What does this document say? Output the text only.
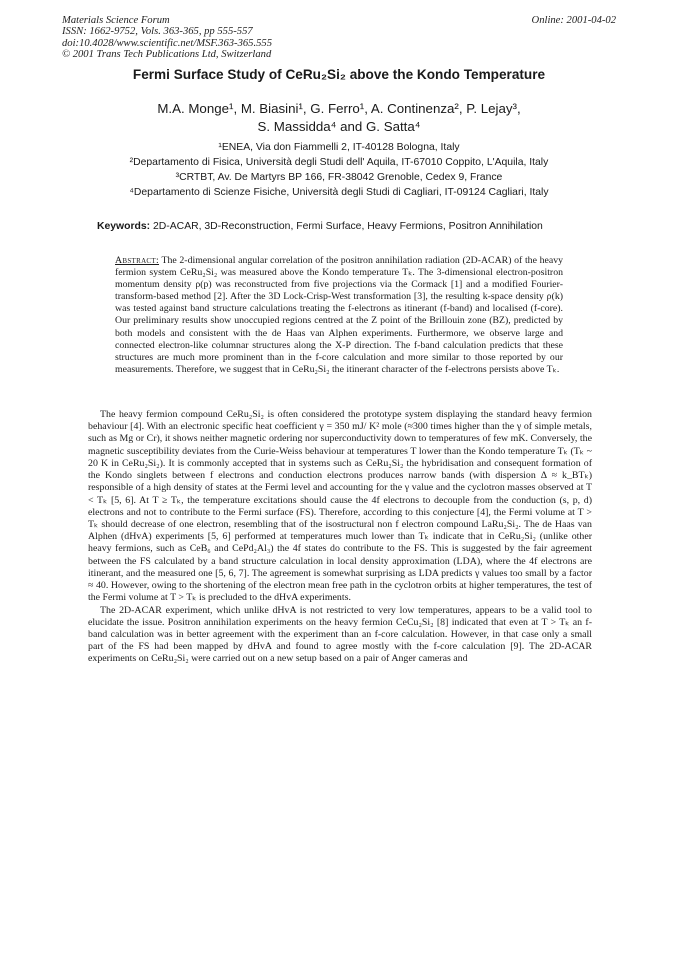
Materials Science Forum
ISSN: 1662-9752, Vols. 363-365, pp 555-557
doi:10.4028/www.scientific.net/MSF.363-365.555
© 2001 Trans Tech Publications Ltd, Switzerland
Online: 2001-04-02
Fermi Surface Study of CeRu₂Si₂ above the Kondo Temperature
M.A. Monge¹, M. Biasini¹, G. Ferro¹, A. Continenza², P. Lejay³,
S. Massidda⁴ and G. Satta⁴
¹ENEA, Via don Fiammelli 2, IT-40128 Bologna, Italy
²Departamento di Fisica, Università degli Studi dell' Aquila, IT-67010 Coppito, L'Aquila, Italy
³CRTBT, Av. De Martyrs BP 166, FR-38042 Grenoble, Cedex 9, France
⁴Departamento di Scienze Fisiche, Università degli Studi di Cagliari, IT-09124 Cagliari, Italy
Keywords: 2D-ACAR, 3D-Reconstruction, Fermi Surface, Heavy Fermions, Positron Annihilation
Abstract: The 2-dimensional angular correlation of the positron annihilation radiation (2D-ACAR) of the heavy fermion system CeRu₂Si₂ was measured above the Kondo temperature Tₖ. The 3-dimensional electron-positron momentum density ρ(p) was reconstructed from five projections via the Cormack [1] and a modified Fourier-transform-based method [2]. After the 3D Lock-Crisp-West transformation [3], the resulting k-space density ρ(k) was tested against band structure calculations treating the f-electrons as itinerant (f-band) and localised (f-core). Our preliminary results show unoccupied regions centred at the Z point of the Brillouin zone (BZ), predicted by both models and consistent with the de Haas van Alphen experiments. Furthermore, we observe large and connected electron-like columnar structures along the X-P direction. The f-band calculation predicts that these structures are much more prominent than in the f-core calculation and more similar to those reported by our measurements. Therefore, we suggest that in CeRu₂Si₂ the itinerant character of the f-electrons persists above Tₖ.

The heavy fermion compound CeRu₂Si₂ is often considered the prototype system displaying the standard heavy fermion behaviour [4]. With an electronic specific heat coefficient γ = 350 mJ/ K² mole (≈300 times higher than the γ of simple metals, such as Mg or Cr), it shows neither magnetic ordering nor superconductivity down to temperatures of few mK. Conversely, the magnetic susceptibility deviates from the Curie-Weiss behaviour at temperatures T lower than the Kondo temperature Tₖ (Tₖ ~ 20 K in CeRu₂Si₂). It is commonly accepted that in systems such as CeRu₂Si₂ the hybridisation and consequent formation of the Kondo singlets between f electrons and conduction electrons produces narrow bands (with dispersion Δ ≈ k_BTₖ) responsible of a high density of states at the Fermi level and accounting for the γ value and the cyclotron masses observed at T < Tₖ [5, 6]. At T ≥ Tₖ, the temperature excitations should cause the 4f electrons to decouple from the conduction (s, p, d) electrons and not to contribute to the Fermi surface (FS). Therefore, according to this conjecture [4], the Fermi volume at T > Tₖ should decrease of one electron, resembling that of the isostructural non f electron compound LaRu₂Si₂. The de Haas van Alphen (dHvA) experiments [5, 6] performed at temperatures much lower than Tₖ indicate that in CeRu₂Si₂ (unlike other heavy fermions, such as CeB₆ and CePd₂Al₃) the 4f states do contribute to the FS. This is suggested by the fair agreement between the FS calculated by a band structure calculation in local density approximation (LDA), where the 4f electrons are itinerant, and the measured one [5, 6, 7]. The agreement is somewhat surprising as LDA predicts γ values too small by a factor ≈ 40. However, owing to the shortening of the electron mean free path in the cyclotron orbits at higher temperatures, the test of the Fermi volume at T > Tₖ is precluded to the dHvA experiments.

The 2D-ACAR experiment, which unlike dHvA is not restricted to very low temperatures, appears to be a valid tool to elucidate the issue. Positron annihilation experiments on the heavy fermion CeCu₂Si₂ [8] indicated that even at T > Tₖ an f-band calculation was in better agreement with the experiment than an f-core calculation. However, in that case only a small part of the FS had been mapped by dHvA and found to agree mostly with the f-core calculation [9]. The 2D-ACAR experiments on CeRu₂Si₂ were carried out on a new setup based on a pair of Anger cameras and
